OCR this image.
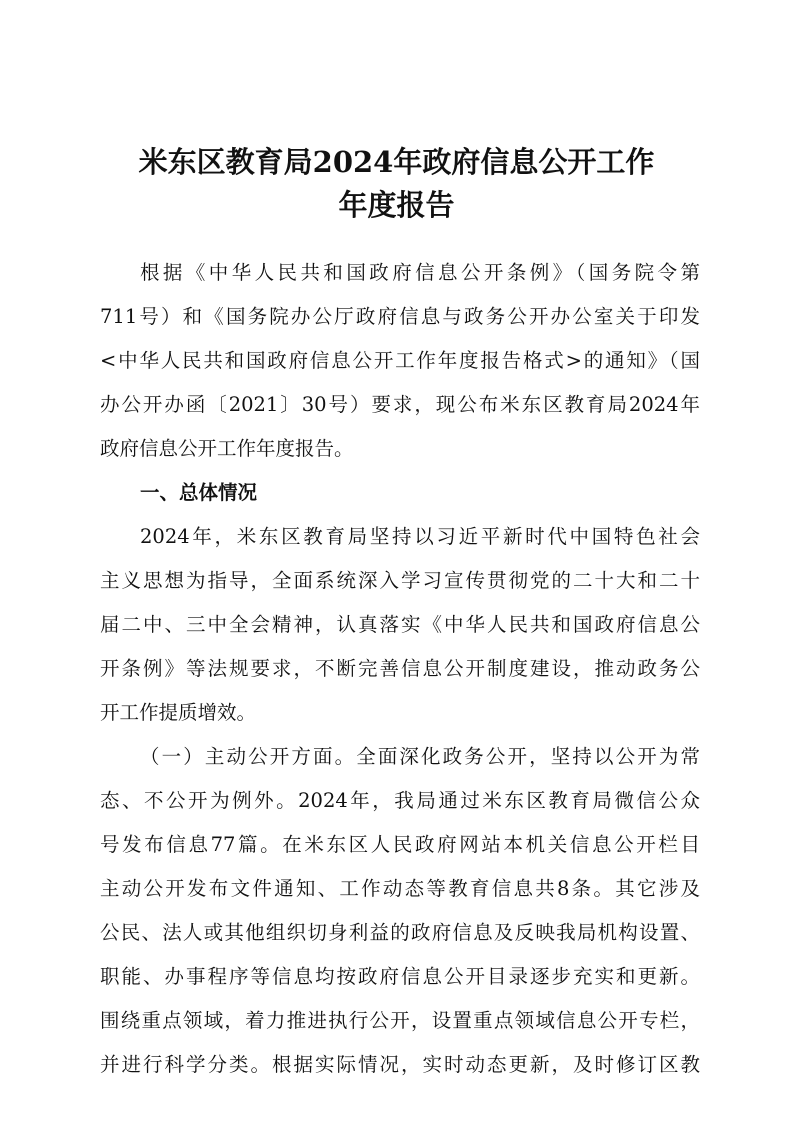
米东区教育局2024年政府信息公开工作
年度报告
根据《中华人民共和国政府信息公开条例》（国务院令第
711号）和《国务院办公厅政府信息与政务公开办公室关于印发
<中华人民共和国政府信息公开工作年度报告格式>的通知》（国
办公开办函〔2021〕30号）要求，现公布米东区教育局2024年
政府信息公开工作年度报告。
一、总体情况
2024年，米东区教育局坚持以习近平新时代中国特色社会
主义思想为指导，全面系统深入学习宣传贯彻党的二十大和二十
届二中、三中全会精神，认真落实《中华人民共和国政府信息公
开条例》等法规要求，不断完善信息公开制度建设，推动政务公
开工作提质增效。
（一）主动公开方面。全面深化政务公开，坚持以公开为常
态、不公开为例外。2024年，我局通过米东区教育局微信公众
号发布信息77篇。在米东区人民政府网站本机关信息公开栏目
主动公开发布文件通知、工作动态等教育信息共8条。其它涉及
公民、法人或其他组织切身利益的政府信息及反映我局机构设置、
职能、办事程序等信息均按政府信息公开目录逐步充实和更新。
围绕重点领域，着力推进执行公开，设置重点领域信息公开专栏，
并进行科学分类。根据实际情况，实时动态更新，及时修订区教
